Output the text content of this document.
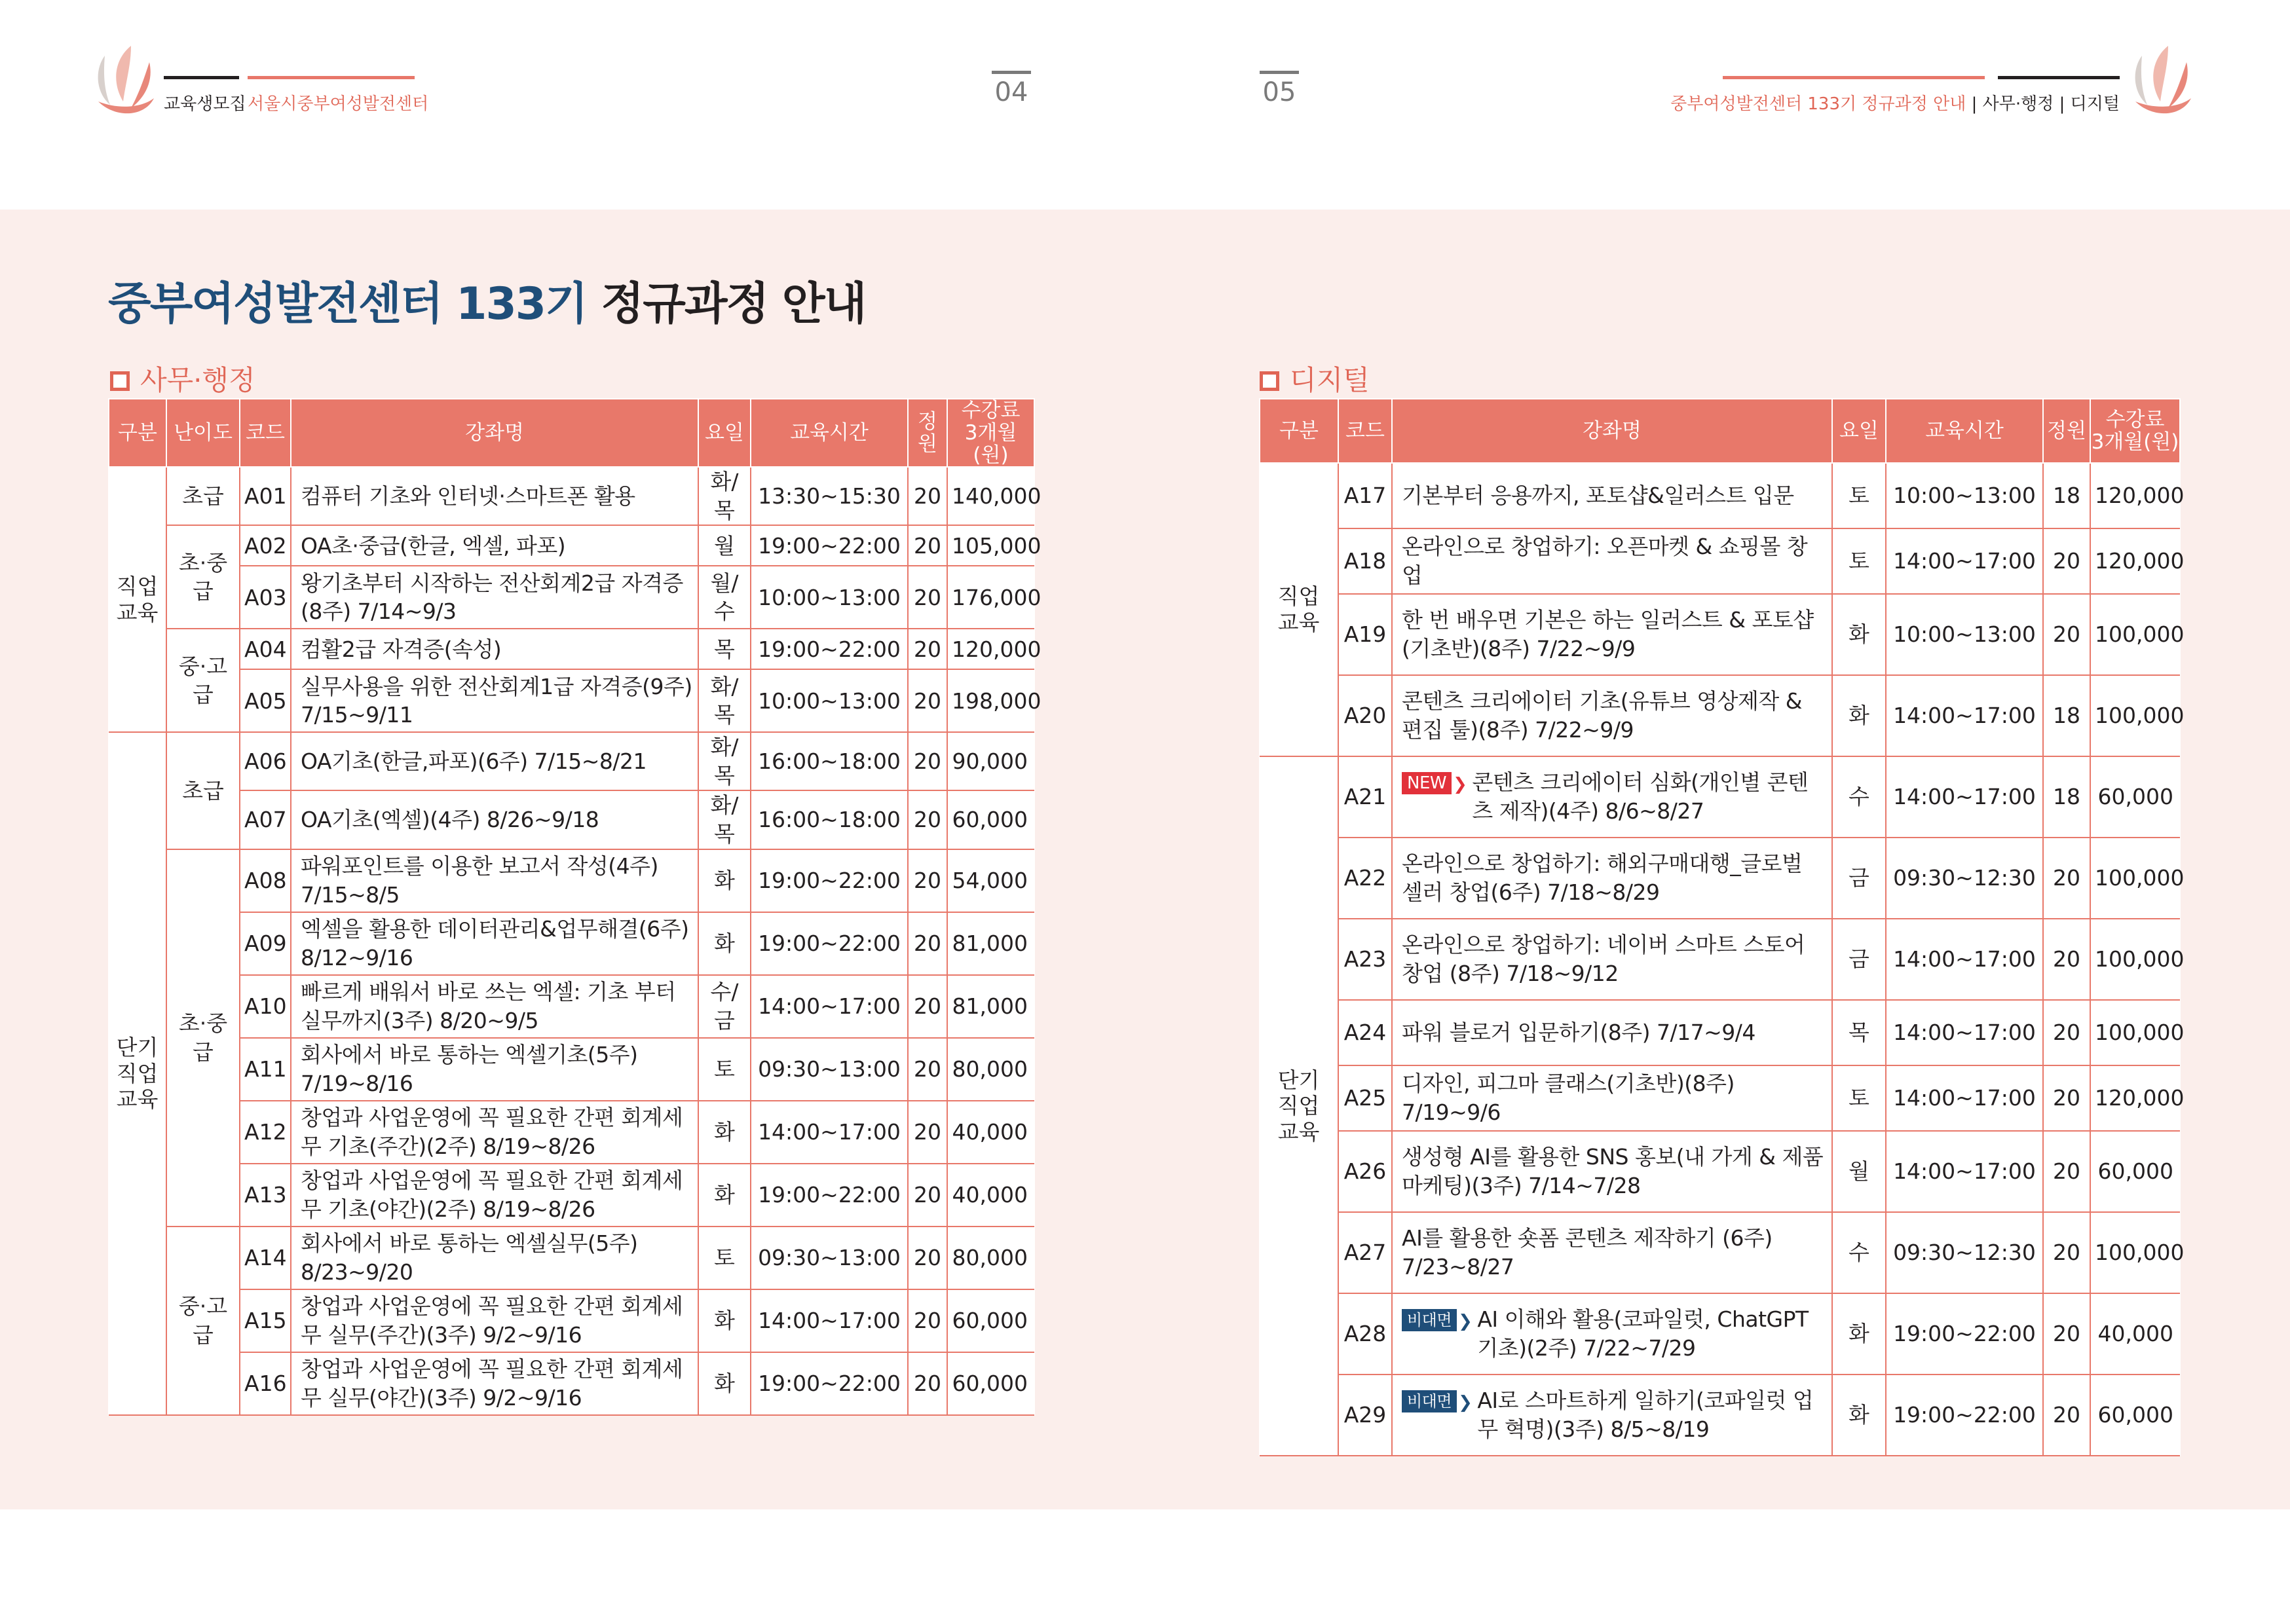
교육생모집 서울시중부여성발전센터	04	05	중부여성발전센터 133기 정규과정 안내 | 사무·행정 | 디지털
중부여성발전센터 133기 정규과정 안내
사무·행정	디지털
구분	난이도	코드	강좌명	요일	교육시간	정원	수강료
3개월(원)
직업
교육	초급	A01	컴퓨터 기초와 인터넷·스마트폰 활용	화/목	13:30~15:30	20	140,000
	초·중급	A02	OA초·중급(한글, 엑셀, 파포)	월	19:00~22:00	20	105,000
		A03	왕기초부터 시작하는 전산회계2급 자격증 (8주) 7/14~9/3	월/수	10:00~13:00	20	176,000
	중·고급	A04	컴활2급 자격증(속성)	목	19:00~22:00	20	120,000
		A05	실무사용을 위한 전산회계1급 자격증(9주) 7/15~9/11	화/목	10:00~13:00	20	198,000
단기
직업
교육	초급	A06	OA기초(한글,파포)(6주) 7/15~8/21	화/목	16:00~18:00	20	90,000
		A07	OA기초(엑셀)(4주) 8/26~9/18	화/목	16:00~18:00	20	60,000
	초·중급	A08	파워포인트를 이용한 보고서 작성(4주) 7/15~8/5	화	19:00~22:00	20	54,000
		A09	엑셀을 활용한 데이터관리&업무해결(6주) 8/12~9/16	화	19:00~22:00	20	81,000
		A10	빠르게 배워서 바로 쓰는 엑셀: 기초 부터 실무까지(3주) 8/20~9/5	수/금	14:00~17:00	20	81,000
		A11	회사에서 바로 통하는 엑셀기초(5주) 7/19~8/16	토	09:30~13:00	20	80,000
		A12	창업과 사업운영에 꼭 필요한 간편 회계세무 기초(주간)(2주) 8/19~8/26	화	14:00~17:00	20	40,000
		A13	창업과 사업운영에 꼭 필요한 간편 회계세무 기초(야간)(2주) 8/19~8/26	화	19:00~22:00	20	40,000
	중·고급	A14	회사에서 바로 통하는 엑셀실무(5주) 8/23~9/20	토	09:30~13:00	20	80,000
		A15	창업과 사업운영에 꼭 필요한 간편 회계세무 실무(주간)(3주) 9/2~9/16	화	14:00~17:00	20	60,000
		A16	창업과 사업운영에 꼭 필요한 간편 회계세무 실무(야간)(3주) 9/2~9/16	화	19:00~22:00	20	60,000
구분	코드	강좌명	요일	교육시간	정원	수강료
3개월(원)
직업
교육	A17	기본부터 응용까지, 포토샵&일러스트 입문	토	10:00~13:00	18	120,000
	A18	온라인으로 창업하기: 오픈마켓 & 쇼핑몰 창업	토	14:00~17:00	20	120,000
	A19	한 번 배우면 기본은 하는 일러스트 & 포토샵 (기초반)(8주) 7/22~9/9	화	10:00~13:00	20	100,000
	A20	콘텐츠 크리에이터 기초(유튜브 영상제작 & 편집 툴)(8주) 7/22~9/9	화	14:00~17:00	18	100,000
단기
직업
교육	A21	NEW ❯ 콘텐츠 크리에이터 심화(개인별 콘텐츠 제작)(4주) 8/6~8/27	수	14:00~17:00	18	60,000
	A22	온라인으로 창업하기: 해외구매대행_글로벌 셀러 창업(6주) 7/18~8/29	금	09:30~12:30	20	100,000
	A23	온라인으로 창업하기: 네이버 스마트 스토어 창업 (8주) 7/18~9/12	금	14:00~17:00	20	100,000
	A24	파워 블로거 입문하기(8주) 7/17~9/4	목	14:00~17:00	20	100,000
	A25	디자인, 피그마 클래스(기초반)(8주) 7/19~9/6	토	14:00~17:00	20	120,000
	A26	생성형 AI를 활용한 SNS 홍보(내 가게 & 제품 마케팅)(3주) 7/14~7/28	월	14:00~17:00	20	60,000
	A27	AI를 활용한 숏폼 콘텐츠 제작하기 (6주) 7/23~8/27	수	09:30~12:30	20	100,000
	A28	비대면 ❯ AI 이해와 활용(코파일럿, ChatGPT 기초)(2주) 7/22~7/29	화	19:00~22:00	20	40,000
	A29	비대면 ❯ AI로 스마트하게 일하기(코파일럿 업무 혁명)(3주) 8/5~8/19	화	19:00~22:00	20	60,000
